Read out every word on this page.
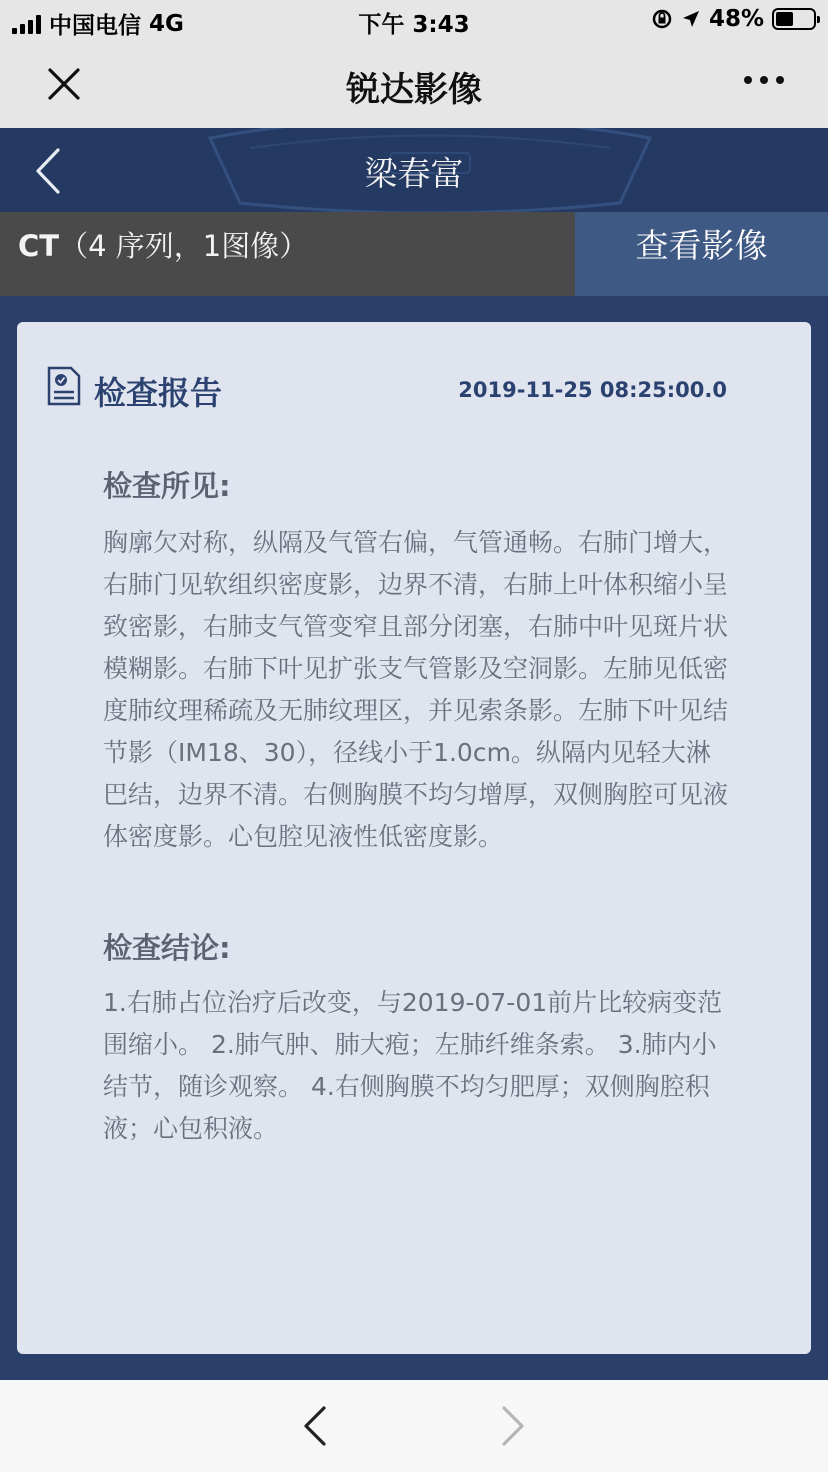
中国电信 4G	下午 3:43	48%
锐达影像
梁春富
CT（4 序列，1图像）	查看影像
检查报告	2019-11-25 08:25:00.0
检查所见:
胸廓欠对称，纵隔及气管右偏，气管通畅。右肺门增大，右肺门见软组织密度影，边界不清，右肺上叶体积缩小呈致密影，右肺支气管变窄且部分闭塞，右肺中叶见斑片状模糊影。右肺下叶见扩张支气管影及空洞影。左肺见低密度肺纹理稀疏及无肺纹理区，并见索条影。左肺下叶见结节影（IM18、30），径线小于1.0cm。纵隔内见轻大淋巴结，边界不清。右侧胸膜不均匀增厚，双侧胸腔可见液体密度影。心包腔见液性低密度影。
检查结论:
1.右肺占位治疗后改变，与2019-07-01前片比较病变范围缩小。 2.肺气肿、肺大疱；左肺纤维条索。 3.肺内小结节，随诊观察。 4.右侧胸膜不均匀肥厚；双侧胸腔积液；心包积液。
